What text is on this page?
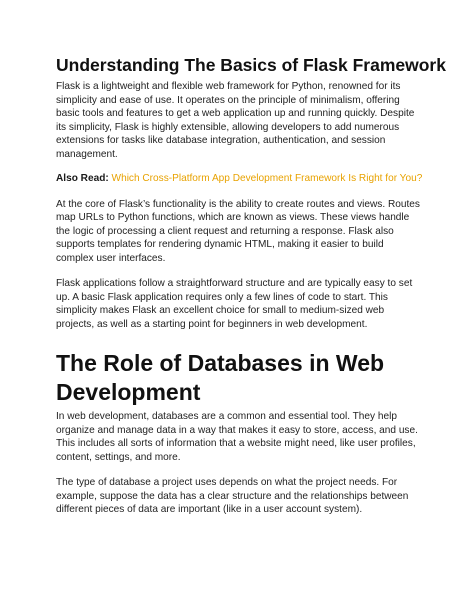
Understanding The Basics of Flask Framework

Flask is a lightweight and flexible web framework for Python, renowned for its simplicity and ease of use. It operates on the principle of minimalism, offering basic tools and features to get a web application up and running quickly. Despite its simplicity, Flask is highly extensible, allowing developers to add numerous extensions for tasks like database integration, authentication, and session management.

Also Read: Which Cross-Platform App Development Framework Is Right for You?

At the core of Flask’s functionality is the ability to create routes and views. Routes map URLs to Python functions, which are known as views. These views handle the logic of processing a client request and returning a response. Flask also supports templates for rendering dynamic HTML, making it easier to build complex user interfaces.

Flask applications follow a straightforward structure and are typically easy to set up. A basic Flask application requires only a few lines of code to start. This simplicity makes Flask an excellent choice for small to medium-sized web projects, as well as a starting point for beginners in web development.

The Role of Databases in Web Development

In web development, databases are a common and essential tool. They help organize and manage data in a way that makes it easy to store, access, and use. This includes all sorts of information that a website might need, like user profiles, content, settings, and more.

The type of database a project uses depends on what the project needs. For example, suppose the data has a clear structure and the relationships between different pieces of data are important (like in a user account system).
